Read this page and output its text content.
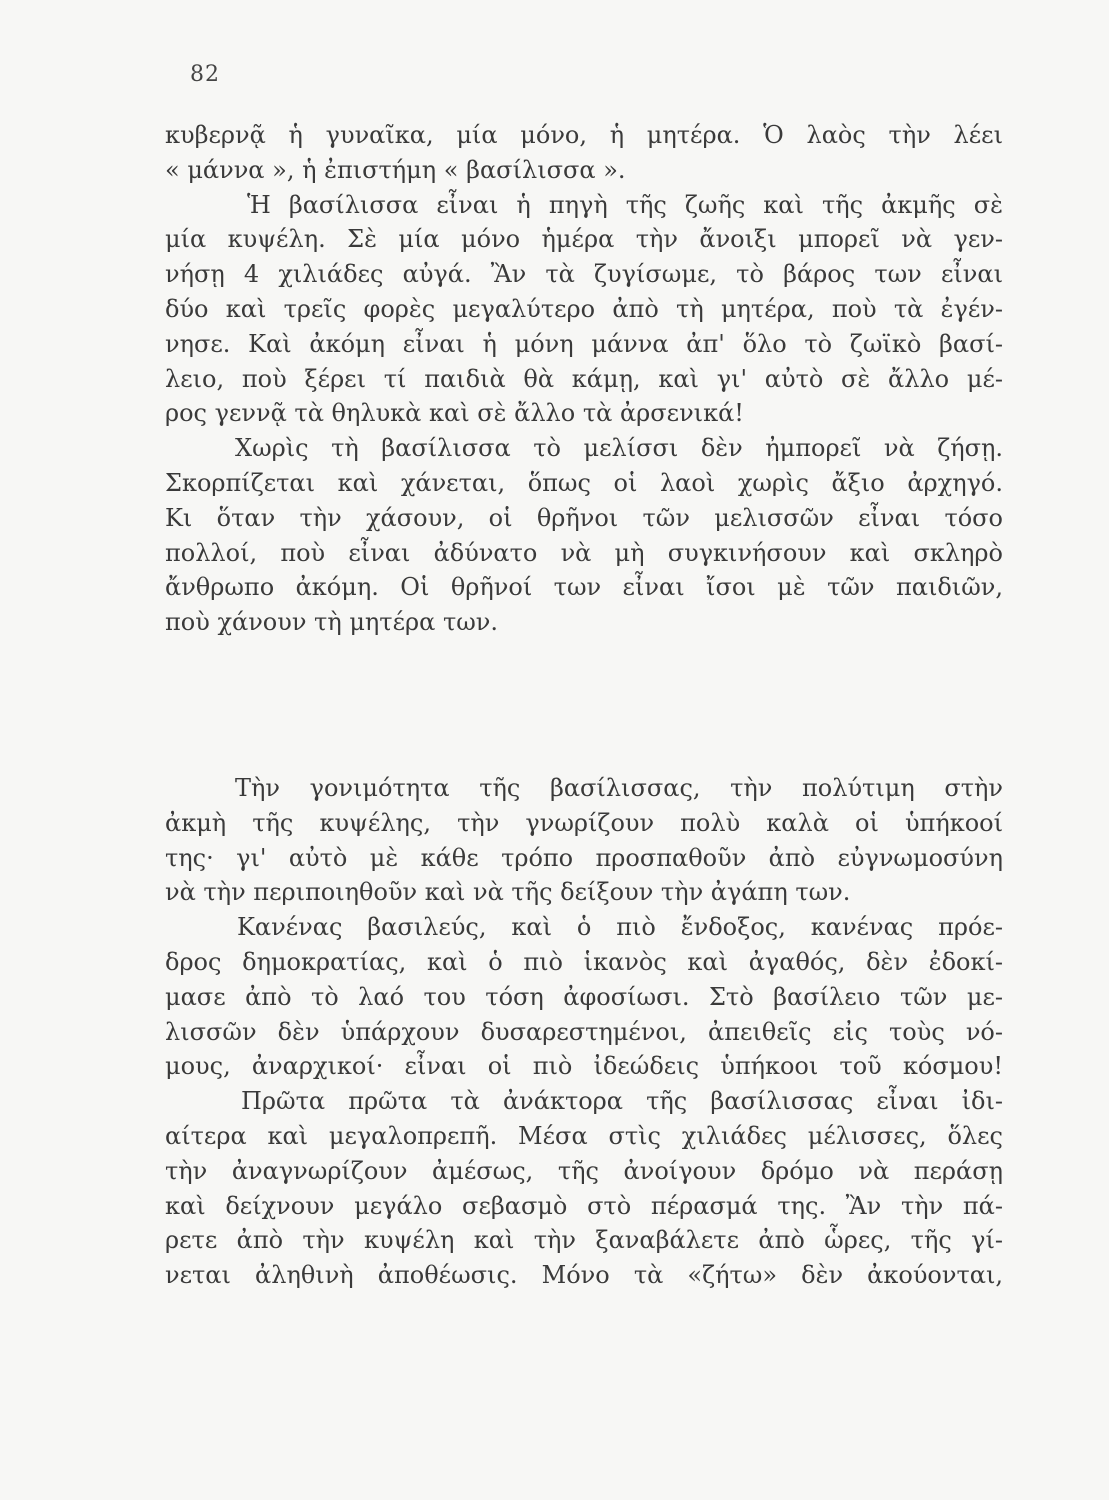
82
κυβερνᾷ ἡ γυναῖκα, μία μόνο, ἡ μητέρα. Ὁ λαὸς τὴν λέει
« μάννα », ἡ ἐπιστήμη « βασίλισσα ».
Ἡ βασίλισσα εἶναι ἡ πηγὴ τῆς ζωῆς καὶ τῆς ἀκμῆς σὲ
μία κυψέλη. Σὲ μία μόνο ἡμέρα τὴν ἄνοιξι μπορεῖ νὰ γεν-
νήσῃ 4 χιλιάδες αὐγά. Ἂν τὰ ζυγίσωμε, τὸ βάρος των εἶναι
δύο καὶ τρεῖς φορὲς μεγαλύτερο ἀπὸ τὴ μητέρα, ποὺ τὰ ἐγέν-
νησε. Καὶ ἀκόμη εἶναι ἡ μόνη μάννα ἀπ' ὅλο τὸ ζωϊκὸ βασί-
λειο, ποὺ ξέρει τί παιδιὰ θὰ κάμῃ, καὶ γι' αὐτὸ σὲ ἄλλο μέ-
ρος γεννᾷ τὰ θηλυκὰ καὶ σὲ ἄλλο τὰ ἀρσενικά!
Χωρὶς τὴ βασίλισσα τὸ μελίσσι δὲν ἠμπορεῖ νὰ ζήσῃ.
Σκορπίζεται καὶ χάνεται, ὅπως οἱ λαοὶ χωρὶς ἄξιο ἀρχηγό.
Κι ὅταν τὴν χάσουν, οἱ θρῆνοι τῶν μελισσῶν εἶναι τόσο
πολλοί, ποὺ εἶναι ἀδύνατο νὰ μὴ συγκινήσουν καὶ σκληρὸ
ἄνθρωπο ἀκόμη. Οἱ θρῆνοί των εἶναι ἴσοι μὲ τῶν παιδιῶν,
ποὺ χάνουν τὴ μητέρα των.
Τὴν γονιμότητα τῆς βασίλισσας, τὴν πολύτιμη στὴν
ἀκμὴ τῆς κυψέλης, τὴν γνωρίζουν πολὺ καλὰ οἱ ὑπήκοοί
της· γι' αὐτὸ μὲ κάθε τρόπο προσπαθοῦν ἀπὸ εὐγνωμοσύνη
νὰ τὴν περιποιηθοῦν καὶ νὰ τῆς δείξουν τὴν ἀγάπη των.
Κανένας βασιλεύς, καὶ ὁ πιὸ ἔνδοξος, κανένας πρόε-
δρος δημοκρατίας, καὶ ὁ πιὸ ἱκανὸς καὶ ἀγαθός, δὲν ἐδοκί-
μασε ἀπὸ τὸ λαό του τόση ἀφοσίωσι. Στὸ βασίλειο τῶν με-
λισσῶν δὲν ὑπάρχουν δυσαρεστημένοι, ἀπειθεῖς εἰς τοὺς νό-
μους, ἀναρχικοί· εἶναι οἱ πιὸ ἰδεώδεις ὑπήκοοι τοῦ κόσμου!
Πρῶτα πρῶτα τὰ ἀνάκτορα τῆς βασίλισσας εἶναι ἰδι-
αίτερα καὶ μεγαλοπρεπῆ. Μέσα στὶς χιλιάδες μέλισσες, ὅλες
τὴν ἀναγνωρίζουν ἀμέσως, τῆς ἀνοίγουν δρόμο νὰ περάσῃ
καὶ δείχνουν μεγάλο σεβασμὸ στὸ πέρασμά της. Ἂν τὴν πά-
ρετε ἀπὸ τὴν κυψέλη καὶ τὴν ξαναβάλετε ἀπὸ ὧρες, τῆς γί-
νεται ἀληθινὴ ἀποθέωσις. Μόνο τὰ «ζήτω» δὲν ἀκούονται,
